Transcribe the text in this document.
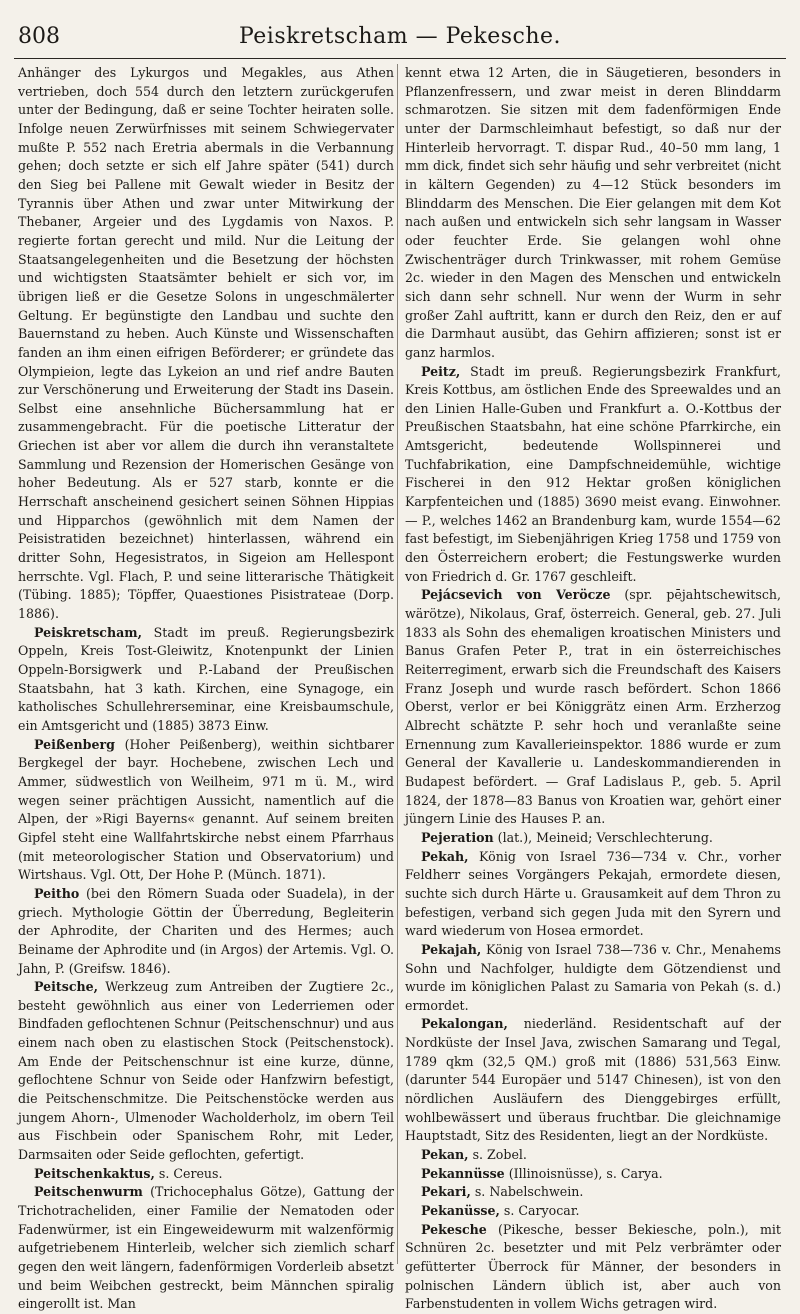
808	Peiskretscham — Pekesche.

Anhänger des Lykurgos und Megakles, aus Athen vertrieben, doch 554 durch den letztern zurückgerufen unter der Bedingung, daß er seine Tochter heiraten solle. Infolge neuen Zerwürfnisses mit seinem Schwiegervater mußte P. 552 nach Eretria abermals in die Verbannung gehen; doch setzte er sich elf Jahre später (541) durch den Sieg bei Pallene mit Gewalt wieder in Besitz der Tyrannis über Athen und zwar unter Mitwirkung der Thebaner, Argeier und des Lygdamis von Naxos. P. regierte fortan gerecht und mild. Nur die Leitung der Staatsangelegenheiten und die Besetzung der höchsten und wichtigsten Staatsämter behielt er sich vor, im übrigen ließ er die Gesetze Solons in ungeschmälerter Geltung. Er begünstigte den Landbau und suchte den Bauernstand zu heben. Auch Künste und Wissenschaften fanden an ihm einen eifrigen Beförderer; er gründete das Olympieion, legte das Lykeion an und rief andre Bauten zur Verschönerung und Erweiterung der Stadt ins Dasein. Selbst eine ansehnliche Büchersammlung hat er zusammengebracht. Für die poetische Litteratur der Griechen ist aber vor allem die durch ihn veranstaltete Sammlung und Rezension der Homerischen Gesänge von hoher Bedeutung. Als er 527 starb, konnte er die Herrschaft anscheinend gesichert seinen Söhnen Hippias und Hipparchos (gewöhnlich mit dem Namen der Peisistratiden bezeichnet) hinterlassen, während ein dritter Sohn, Hegesistratos, in Sigeion am Hellespont herrschte. Vgl. Flach, P. und seine litterarische Thätigkeit (Tübing. 1885); Töpffer, Quaestiones Pisistrateae (Dorp. 1886).

Peiskretscham, Stadt im preuß. Regierungsbezirk Oppeln, Kreis Tost-Gleiwitz, Knotenpunkt der Linien Oppeln-Borsigwerk und P.-Laband der Preußischen Staatsbahn, hat 3 kath. Kirchen, eine Synagoge, ein katholisches Schullehrerseminar, eine Kreisbaumschule, ein Amtsgericht und (1885) 3873 Einw.

Peißenberg (Hoher Peißenberg), weithin sichtbarer Bergkegel der bayr. Hochebene, zwischen Lech und Ammer, südwestlich von Weilheim, 971 m ü. M., wird wegen seiner prächtigen Aussicht, namentlich auf die Alpen, der »Rigi Bayerns« genannt. Auf seinem breiten Gipfel steht eine Wallfahrtskirche nebst einem Pfarrhaus (mit meteorologischer Station und Observatorium) und Wirtshaus. Vgl. Ott, Der Hohe P. (Münch. 1871).

Peitho (bei den Römern Suada oder Suadela), in der griech. Mythologie Göttin der Überredung, Begleiterin der Aphrodite, der Chariten und des Hermes; auch Beiname der Aphrodite und (in Argos) der Artemis. Vgl. O. Jahn, P. (Greifsw. 1846).

Peitsche, Werkzeug zum Antreiben der Zugtiere 2c., besteht gewöhnlich aus einer von Lederriemen oder Bindfaden geflochtenen Schnur (Peitschenschnur) und aus einem nach oben zu elastischen Stock (Peitschenstock). Am Ende der Peitschenschnur ist eine kurze, dünne, geflochtene Schnur von Seide oder Hanfzwirn befestigt, die Peitschenschmitze. Die Peitschenstöcke werden aus jungem Ahorn-, Ulmenoder Wacholderholz, im obern Teil aus Fischbein oder Spanischem Rohr, mit Leder, Darmsaiten oder Seide geflochten, gefertigt.

Peitschenkaktus, s. Cereus.

Peitschenwurm (Trichocephalus Götze), Gattung der Trichotracheliden, einer Familie der Nematoden oder Fadenwürmer, ist ein Eingeweidewurm mit walzenförmig aufgetriebenem Hinterleib, welcher sich ziemlich scharf gegen den weit längern, fadenförmigen Vorderleib absetzt und beim Weibchen gestreckt, beim Männchen spiralig eingerollt ist. Man

kennt etwa 12 Arten, die in Säugetieren, besonders in Pflanzenfressern, und zwar meist in deren Blinddarm schmarotzen. Sie sitzen mit dem fadenförmigen Ende unter der Darmschleimhaut befestigt, so daß nur der Hinterleib hervorragt. T. dispar Rud., 40–50 mm lang, 1 mm dick, findet sich sehr häufig und sehr verbreitet (nicht in kältern Gegenden) zu 4—12 Stück besonders im Blinddarm des Menschen. Die Eier gelangen mit dem Kot nach außen und entwickeln sich sehr langsam in Wasser oder feuchter Erde. Sie gelangen wohl ohne Zwischenträger durch Trinkwasser, mit rohem Gemüse 2c. wieder in den Magen des Menschen und entwickeln sich dann sehr schnell. Nur wenn der Wurm in sehr großer Zahl auftritt, kann er durch den Reiz, den er auf die Darmhaut ausübt, das Gehirn affizieren; sonst ist er ganz harmlos.

Peitz, Stadt im preuß. Regierungsbezirk Frankfurt, Kreis Kottbus, am östlichen Ende des Spreewaldes und an den Linien Halle-Guben und Frankfurt a. O.-Kottbus der Preußischen Staatsbahn, hat eine schöne Pfarrkirche, ein Amtsgericht, bedeutende Wollspinnerei und Tuchfabrikation, eine Dampfschneidemühle, wichtige Fischerei in den 912 Hektar großen königlichen Karpfenteichen und (1885) 3690 meist evang. Einwohner. — P., welches 1462 an Brandenburg kam, wurde 1554—62 fast befestigt, im Siebenjährigen Krieg 1758 und 1759 von den Österreichern erobert; die Festungswerke wurden von Friedrich d. Gr. 1767 geschleift.

Pejácsevich von Veröcze (spr. pējahtschewitsch, wärötze), Nikolaus, Graf, österreich. General, geb. 27. Juli 1833 als Sohn des ehemaligen kroatischen Ministers und Banus Grafen Peter P., trat in ein österreichisches Reiterregiment, erwarb sich die Freundschaft des Kaisers Franz Joseph und wurde rasch befördert. Schon 1866 Oberst, verlor er bei Königgrätz einen Arm. Erzherzog Albrecht schätzte P. sehr hoch und veranlaßte seine Ernennung zum Kavallerieinspektor. 1886 wurde er zum General der Kavallerie u. Landeskommandierenden in Budapest befördert. — Graf Ladislaus P., geb. 5. April 1824, der 1878—83 Banus von Kroatien war, gehört einer jüngern Linie des Hauses P. an.

Pejeration (lat.), Meineid; Verschlechterung.

Pekah, König von Israel 736—734 v. Chr., vorher Feldherr seines Vorgängers Pekajah, ermordete diesen, suchte sich durch Härte u. Grausamkeit auf dem Thron zu befestigen, verband sich gegen Juda mit den Syrern und ward wiederum von Hosea ermordet.

Pekajah, König von Israel 738—736 v. Chr., Menahems Sohn und Nachfolger, huldigte dem Götzendienst und wurde im königlichen Palast zu Samaria von Pekah (s. d.) ermordet.

Pekalongan, niederländ. Residentschaft auf der Nordküste der Insel Java, zwischen Samarang und Tegal, 1789 qkm (32,5 QM.) groß mit (1886) 531,563 Einw. (darunter 544 Europäer und 5147 Chinesen), ist von den nördlichen Ausläufern des Dienggebirges erfüllt, wohlbewässert und überaus fruchtbar. Die gleichnamige Hauptstadt, Sitz des Residenten, liegt an der Nordküste.

Pekan, s. Zobel.

Pekannüsse (Illinoisnüsse), s. Carya.

Pekari, s. Nabelschwein.

Pekanüsse, s. Caryocar.

Pekesche (Pikesche, besser Bekiesche, poln.), mit Schnüren 2c. besetzter und mit Pelz verbrämter oder gefütterter Überrock für Männer, der besonders in polnischen Ländern üblich ist, aber auch von Farbenstudenten in vollem Wichs getragen wird.
